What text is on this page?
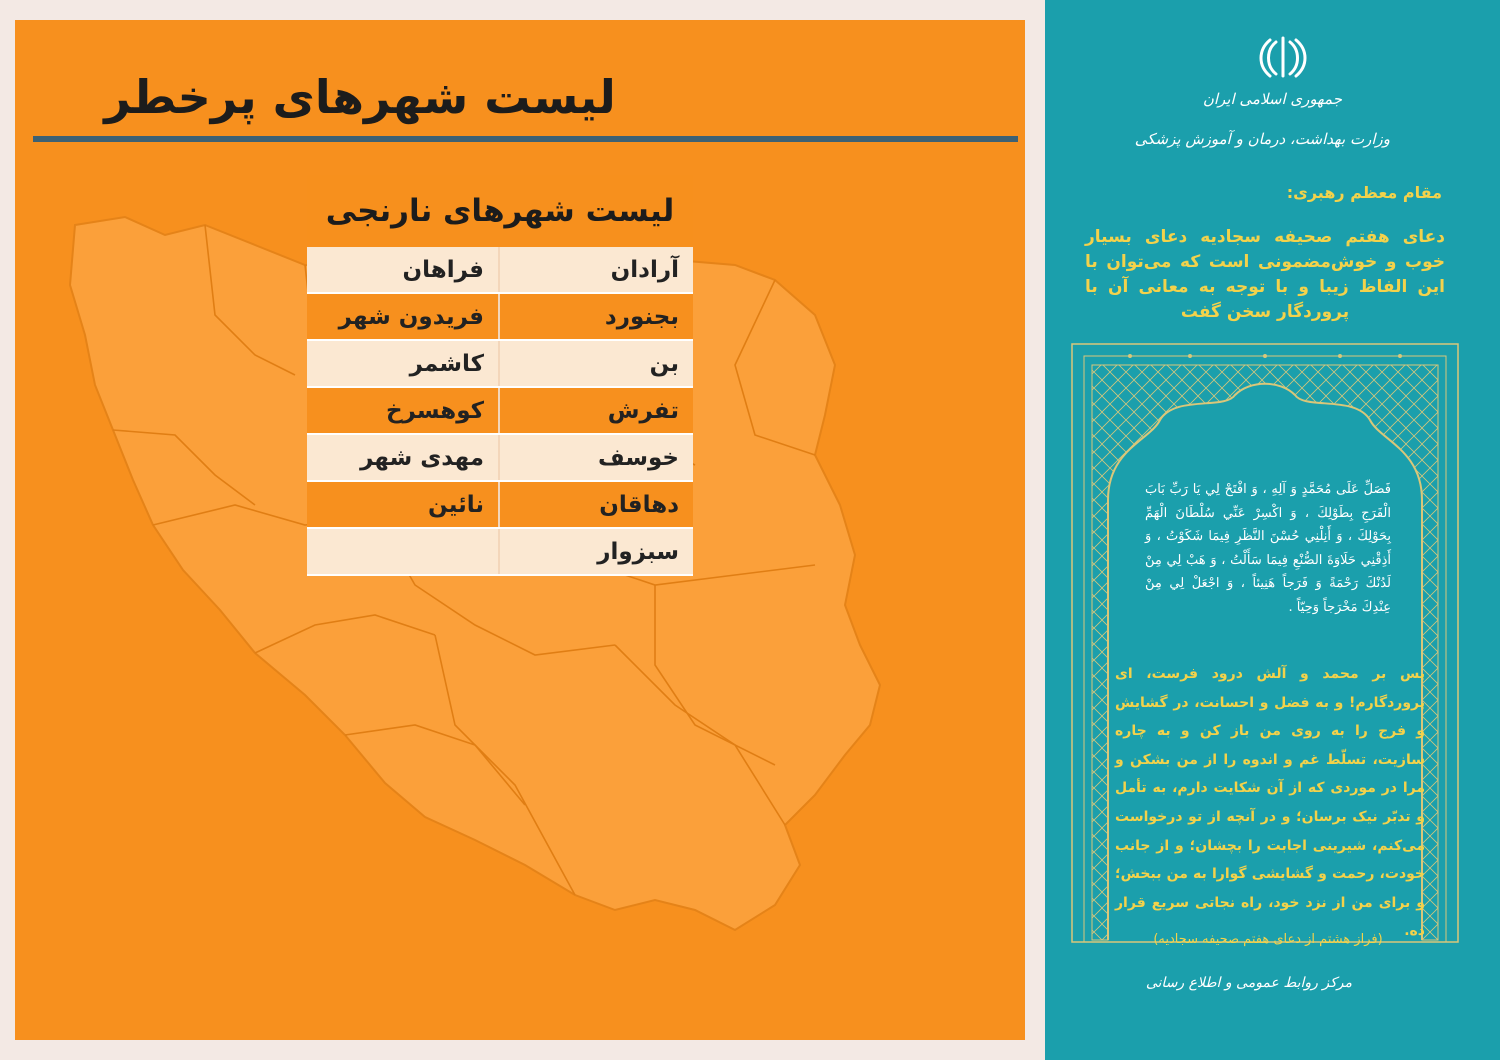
لیست شهرهای پرخطر
لیست شهرهای نارنجی
آرادان	فراهان
بجنورد	فریدون شهر
بن	کاشمر
تفرش	کوهسرخ
خوسف	مهدی شهر
دهاقان	نائین
سبزوار	
جمهوری اسلامی ایران
وزارت بهداشت، درمان و آموزش پزشکی
مقام معظم رهبری:
دعای هفتم صحیفه سجادیه دعای بسیار خوب و خوش‌مضمونی است که می‌توان با این الفاظ زیبا و با توجه به معانی آن با پروردگار سخن گفت
فَصَلِّ عَلَى مُحَمَّدٍ وَ آلِهِ ، وَ افْتَحْ لِي يَا رَبِّ بَابَ الْفَرَجِ بِطَوْلِكَ ، وَ اكْسِرْ عَنِّي سُلْطَانَ الْهَمِّ بِحَوْلِكَ ، وَ أَنِلْنِي حُسْنَ النَّظَرِ فِيمَا شَكَوْتُ ، وَ أَذِقْنِي حَلَاوَةَ الصُّنْعِ فِيمَا سَأَلْتُ ، وَ هَبْ لِي مِنْ لَدُنْكَ رَحْمَةً وَ فَرَجاً هَنِيئاً ، وَ اجْعَلْ لِي مِنْ عِنْدِكَ مَخْرَجاً وَحِيّاً .
پس بر محمد و آلش درود فرست، ای پروردگارم! و به فضل و احسانت، در گشایش و فرج را به روی من باز کن و به چاره سازیت، تسلّط غم و اندوه را از من بشکن و مرا در موردی که از آن شکایت دارم، به تأمل و تدبّر نیک برسان؛ و در آنچه از تو درخواست می‌کنم، شیرینی اجابت را بچشان؛ و از جانب خودت، رحمت و گشایشی گوارا به من ببخش؛ و برای من از نزد خود، راه نجاتی سریع قرار ده.
(فراز هشتم از دعای هفتم صحیفه سجادیه)
مرکز روابط عمومی و اطلاع رسانی
